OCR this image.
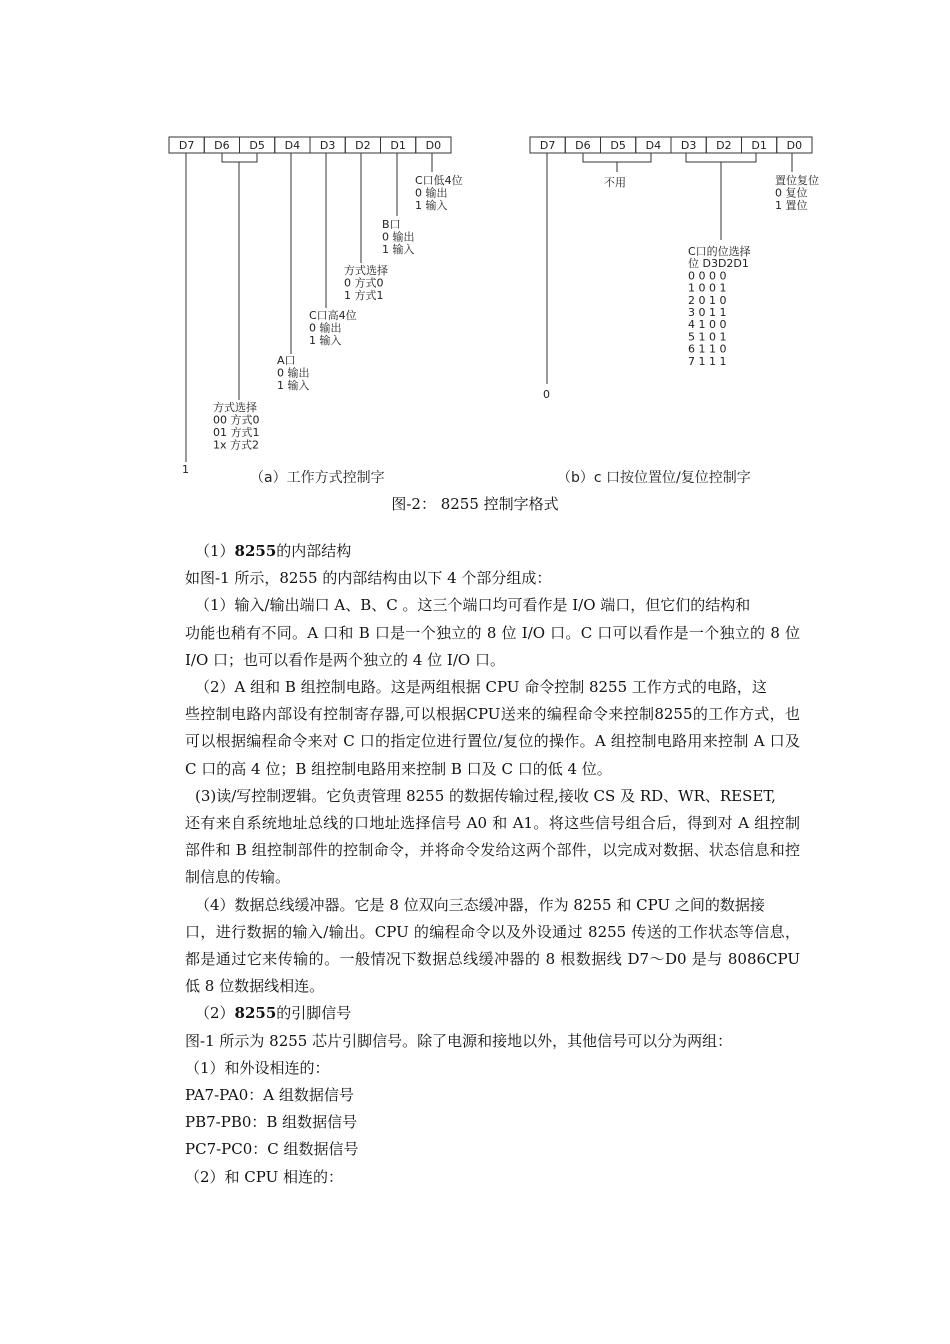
D7 D6 D5 D4 D3 D2 D1 D0	D7 D6 D5 D4 D3 D2 D1 D0
C口低4位 0 输出 1 输入
B口 0 输出 1 输入
方式选择 0 方式0 1 方式1
C口高4位 0 输出 1 输入
A口 0 输出 1 输入
方式选择 00 方式0 01 方式1 1x 方式2
1
（a）工作方式控制字
不用	置位复位 0 复位 1 置位
C口的位选择位 D3D2D1 0 0 0 0 1 0 0 1 2 0 1 0 3 0 1 1 4 1 0 0 5 1 0 1 6 1 1 0 7 1 1 1
0
（b）c 口按位置位/复位控制字
图-2： 8255 控制字格式

（1）8255的内部结构

如图-1 所示，8255 的内部结构由以下 4 个部分组成：

（1）输入/输出端口 A、B、C 。这三个端口均可看作是 I/O 端口，但它们的结构和
功能也稍有不同。A 口和 B 口是一个独立的 8 位 I/O 口。C 口可以看作是一个独立的 8 位 I/O 口；也可以看作是两个独立的 4 位 I/O 口。

（2）A 组和 B 组控制电路。这是两组根据 CPU 命令控制 8255 工作方式的电路，这
些控制电路内部设有控制寄存器,可以根据CPU送来的编程命令来控制8255的工作方式，也可以根据编程命令来对 C 口的指定位进行置位/复位的操作。A 组控制电路用来控制 A 口及 C 口的高 4 位；B 组控制电路用来控制 B 口及 C 口的低 4 位。

(3)读/写控制逻辑。它负责管理 8255 的数据传输过程,接收 CS 及 RD、WR、RESET,
还有来自系统地址总线的口地址选择信号 A0 和 A1。将这些信号组合后，得到对 A 组控制部件和 B 组控制部件的控制命令，并将命令发给这两个部件，以完成对数据、状态信息和控制信息的传输。

（4）数据总线缓冲器。它是 8 位双向三态缓冲器，作为 8255 和 CPU 之间的数据接
口，进行数据的输入/输出。CPU 的编程命令以及外设通过 8255 传送的工作状态等信息，都是通过它来传输的。一般情况下数据总线缓冲器的 8 根数据线 D7～D0 是与 8086CPU 低 8 位数据线相连。

（2）8255的引脚信号

图-1 所示为 8255 芯片引脚信号。除了电源和接地以外，其他信号可以分为两组：

（1）和外设相连的：

PA7-PA0：A 组数据信号

PB7-PB0：B 组数据信号

PC7-PC0：C 组数据信号

（2）和 CPU 相连的：
